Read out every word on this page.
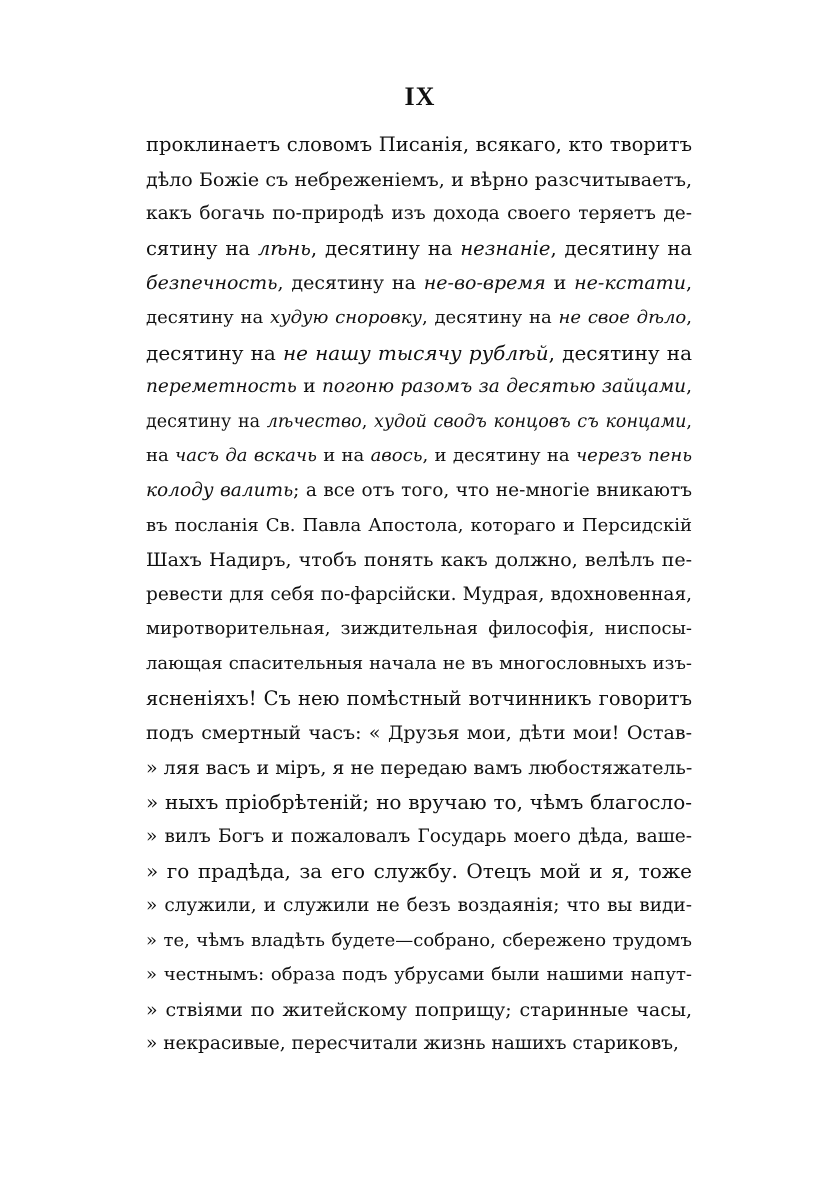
IX
проклинаетъ словомъ Писанія, всякаго, кто творитъ
дѣло Божіе съ небреженіемъ, и вѣрно разсчитываетъ,
какъ богачь по-природѣ изъ дохода своего теряетъ де-
сятину на лѣнь, десятину на незнаніе, десятину на
безпечность, десятину на не-во-время и не-кстати,
десятину на худую сноровку, десятину на не свое дѣло,
десятину на не нашу тысячу рублѣй, десятину на
переметность и погоню разомъ за десятью зайцами,
десятину на лѣчество, худой сводъ концовъ съ концами,
на часъ да вскачь и на авось, и десятину на черезъ пень
колоду валить; а все отъ того, что не-многіе вникаютъ
въ посланія Св. Павла Апостола, котораго и Персидскій
Шахъ Надиръ, чтобъ понять какъ должно, велѣлъ пе-
ревести для себя по-фарсійски. Мудрая, вдохновенная,
миротворительная, зиждительная философія, ниспосы-
лающая спасительныя начала не въ многословныхъ изъ-
ясненіяхъ! Съ нею помѣстный вотчинникъ говоритъ
подъ смертный часъ: « Друзья мои, дѣти мои! Остав-
» ляя васъ и міръ, я не передаю вамъ любостяжатель-
» ныхъ пріобрѣтеній; но вручаю то, чѣмъ благосло-
» вилъ Богъ и пожаловалъ Государь моего дѣда, ваше-
» го прадѣда, за его службу. Отецъ мой и я, тоже
» служили, и служили не безъ воздаянія; что вы види-
» те, чѣмъ владѣть будете—собрано, сбережено трудомъ
» честнымъ: образа подъ убрусами были нашими напут-
» ствіями по житейскому поприщу; старинные часы,
» некрасивые, пересчитали жизнь нашихъ стариковъ,
